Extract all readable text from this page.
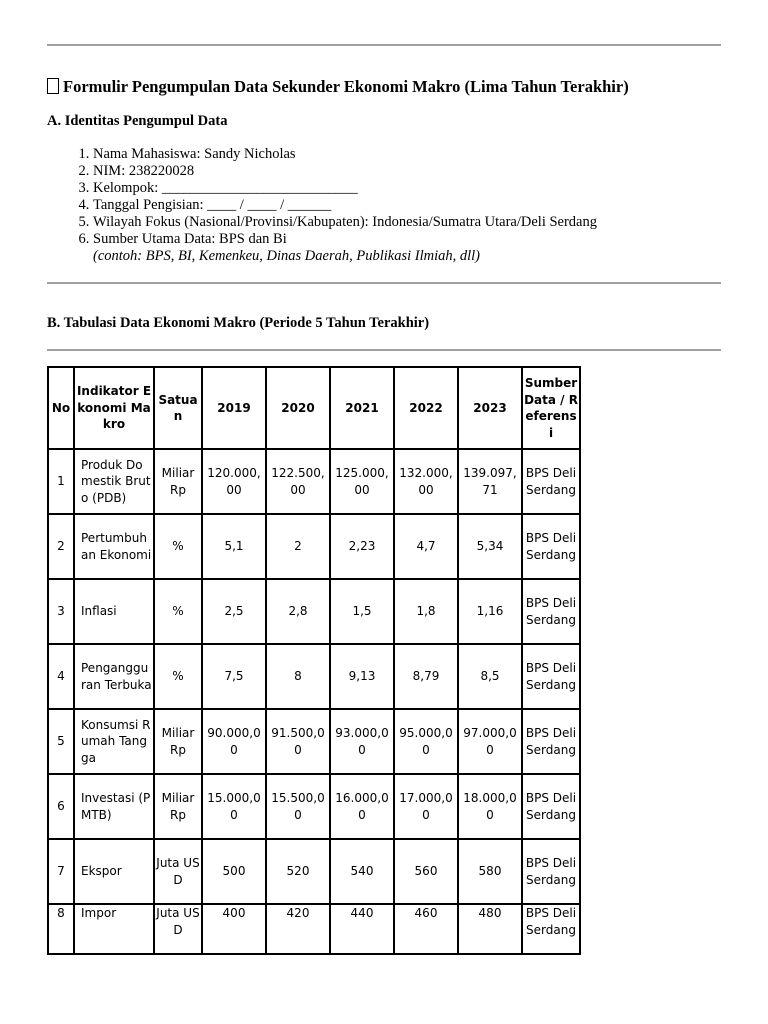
Formulir Pengumpulan Data Sekunder Ekonomi Makro (Lima Tahun Terakhir)
A. Identitas Pengumpul Data
1. Nama Mahasiswa: Sandy Nicholas
2. NIM: 238220028
3. Kelompok: ___________________________
4. Tanggal Pengisian: ____ / ____ / ______
5. Wilayah Fokus (Nasional/Provinsi/Kabupaten): Indonesia/Sumatra Utara/Deli Serdang
6. Sumber Utama Data: BPS dan Bi
(contoh: BPS, BI, Kemenkeu, Dinas Daerah, Publikasi Ilmiah, dll)
B. Tabulasi Data Ekonomi Makro (Periode 5 Tahun Terakhir)
No	Indikator Ekonomi Makro	Satuan	2019	2020	2021	2022	2023	Sumber Data / Referensi
1	Produk Domestik Bruto (PDB)	Miliar Rp	120.000,00	122.500,00	125.000,00	132.000,00	139.097,71	BPS Deli Serdang
2	Pertumbuhan Ekonomi	%	5,1	2	2,23	4,7	5,34	BPS Deli Serdang
3	Inflasi	%	2,5	2,8	1,5	1,8	1,16	BPS Deli Serdang
4	Pengangguran Terbuka	%	7,5	8	9,13	8,79	8,5	BPS Deli Serdang
5	Konsumsi Rumah Tangga	Miliar Rp	90.000,00	91.500,00	93.000,00	95.000,00	97.000,00	BPS Deli Serdang
6	Investasi (PMTB)	Miliar Rp	15.000,00	15.500,00	16.000,00	17.000,00	18.000,00	BPS Deli Serdang
7	Ekspor	Juta USD	500	520	540	560	580	BPS Deli Serdang
8	Impor	Juta USD	400	420	440	460	480	BPS Deli Serdang
